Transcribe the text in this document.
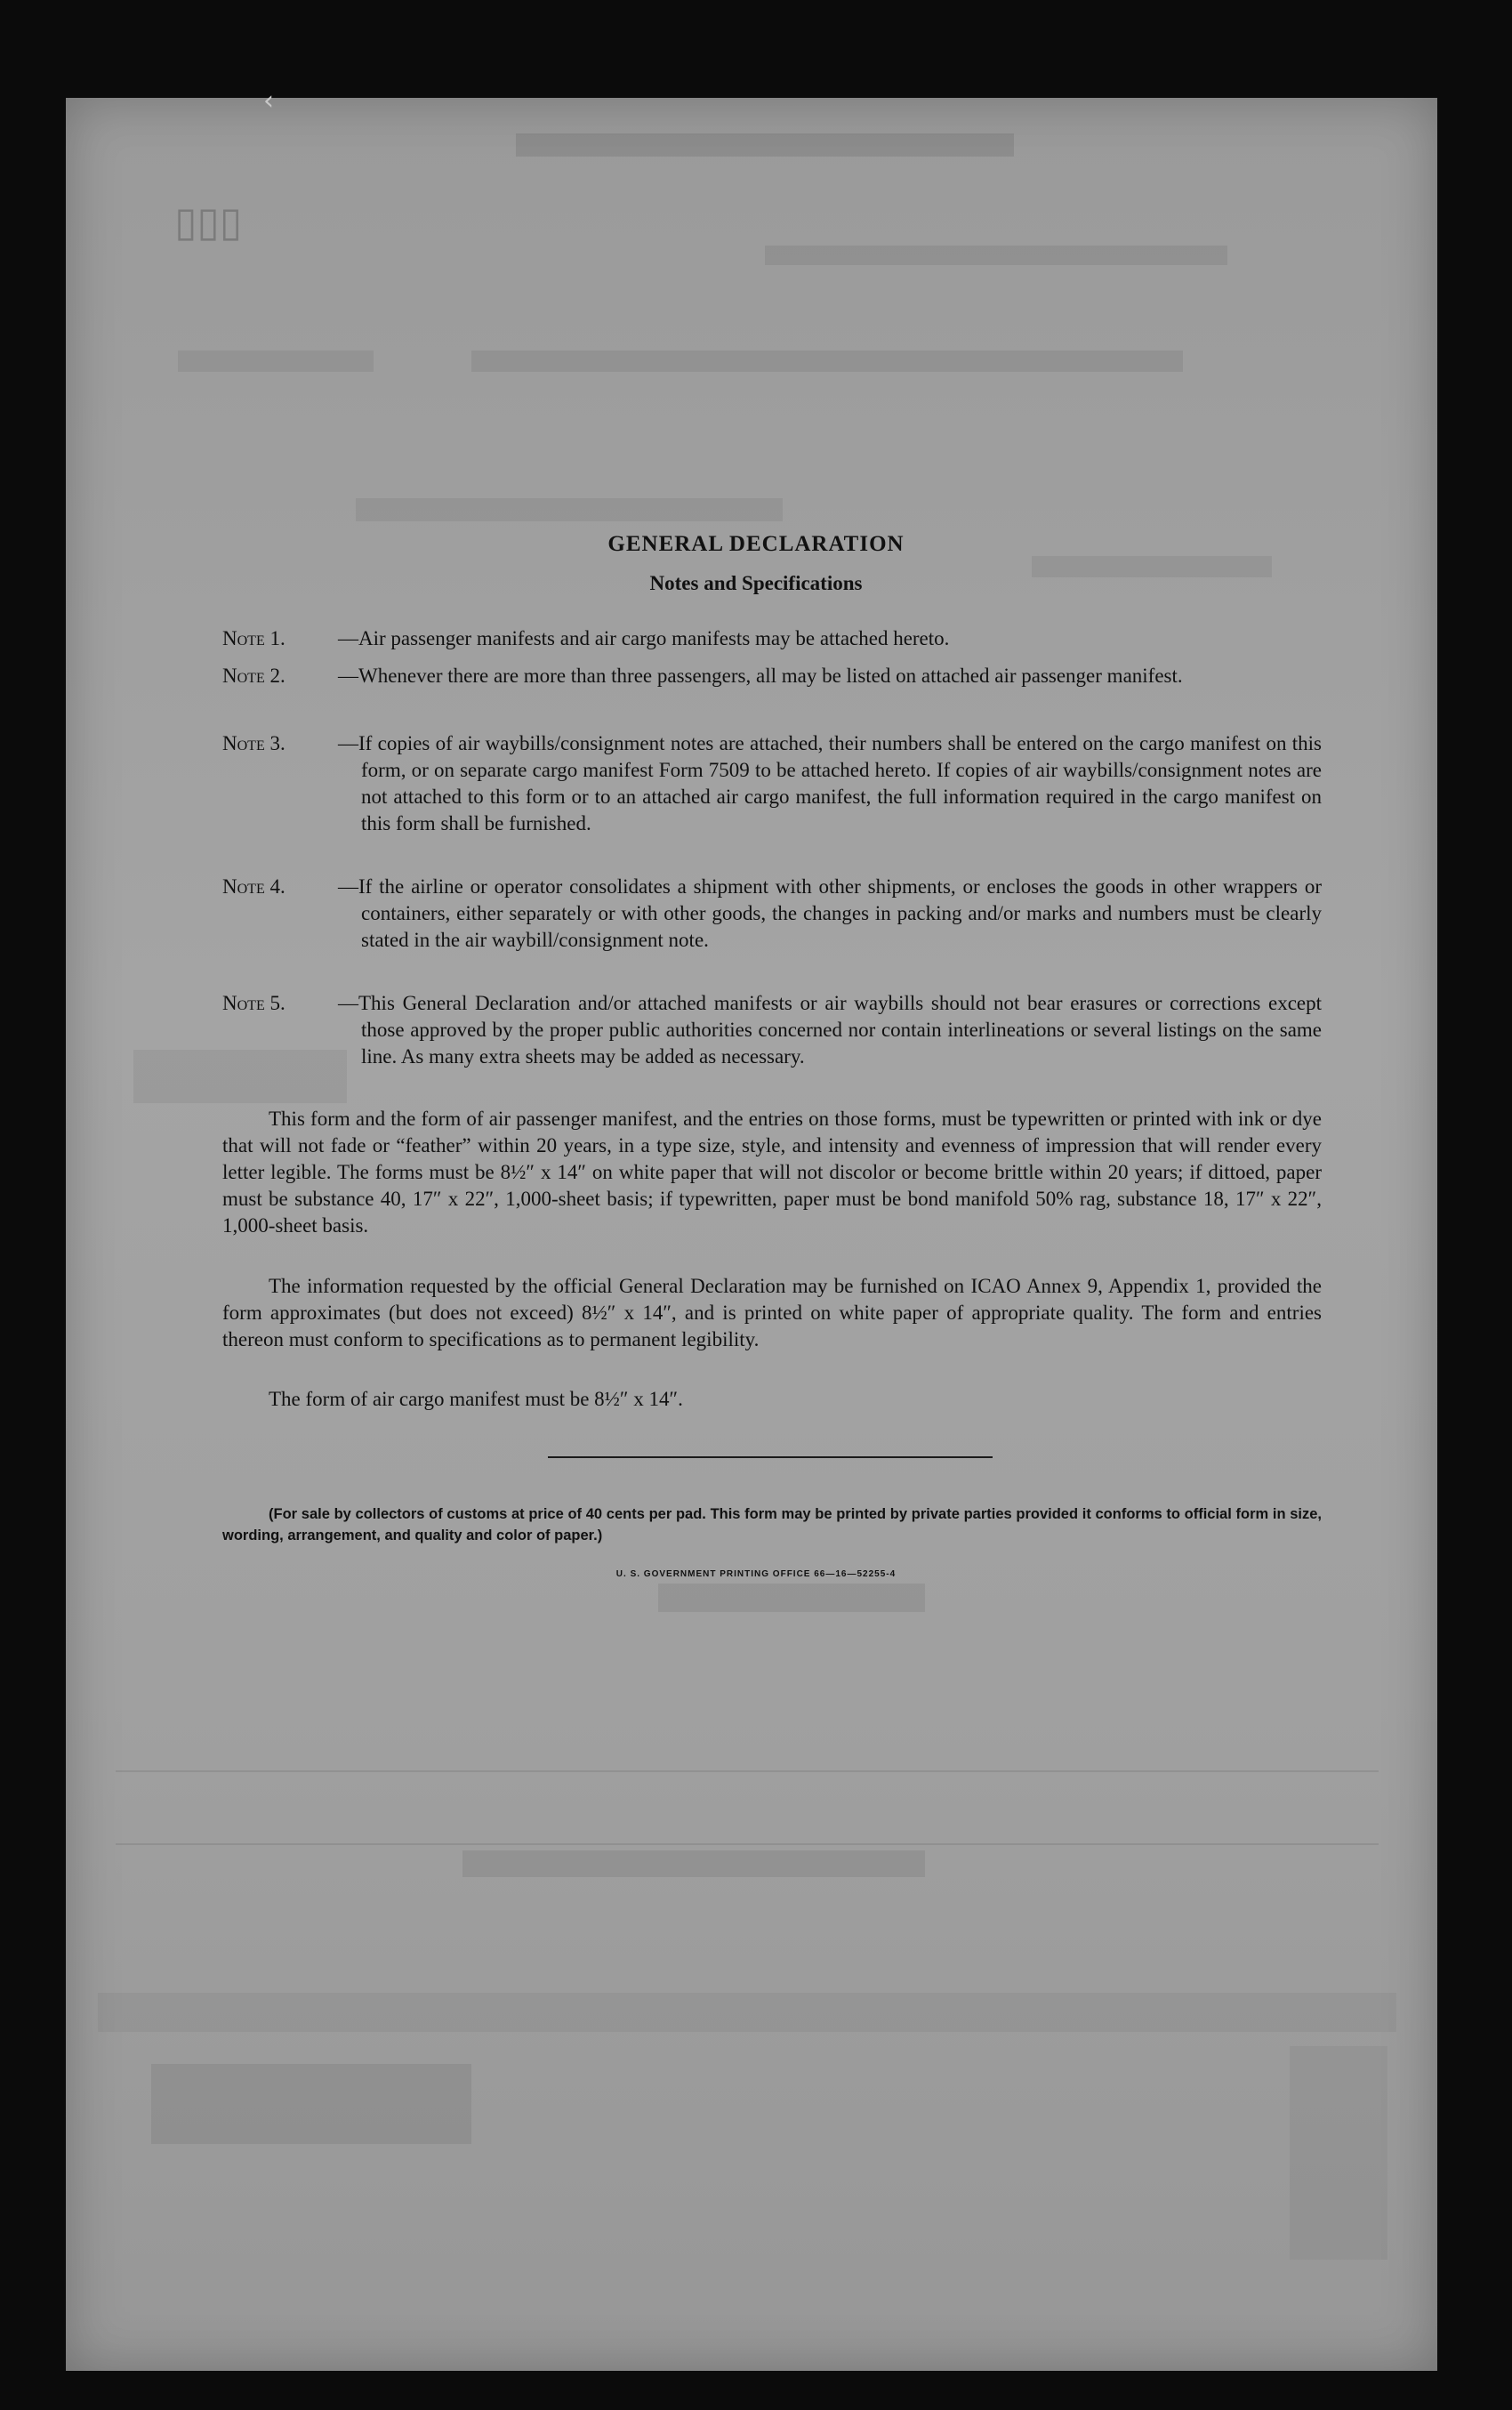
‹
▯▯▯
GENERAL DECLARATION
Notes and Specifications
Note 1.	—Air passenger manifests and air cargo manifests may be attached hereto.
Note 2.	—Whenever there are more than three passengers, all may be listed on attached air passenger manifest.
Note 3.	—If copies of air waybills/consignment notes are attached, their numbers shall be entered on the cargo manifest on this form, or on separate cargo manifest Form 7509 to be attached hereto. If copies of air waybills/consignment notes are not attached to this form or to an attached air cargo manifest, the full information required in the cargo manifest on this form shall be furnished.
Note 4.	—If the airline or operator consolidates a shipment with other shipments, or encloses the goods in other wrappers or containers, either separately or with other goods, the changes in packing and/or marks and numbers must be clearly stated in the air waybill/consignment note.
Note 5.	—This General Declaration and/or attached manifests or air waybills should not bear erasures or corrections except those approved by the proper public authorities concerned nor contain interlineations or several listings on the same line. As many extra sheets may be added as necessary.
This form and the form of air passenger manifest, and the entries on those forms, must be typewritten or printed with ink or dye that will not fade or “feather” within 20 years, in a type size, style, and intensity and evenness of impression that will render every letter legible. The forms must be 8½″ x 14″ on white paper that will not discolor or become brittle within 20 years; if dittoed, paper must be substance 40, 17″ x 22″, 1,000-sheet basis; if typewritten, paper must be bond manifold 50% rag, substance 18, 17″ x 22″, 1,000-sheet basis.
The information requested by the official General Declaration may be furnished on ICAO Annex 9, Appendix 1, provided the form approximates (but does not exceed) 8½″ x 14″, and is printed on white paper of appropriate quality. The form and entries thereon must conform to specifications as to permanent legibility.
The form of air cargo manifest must be 8½″ x 14″.
(For sale by collectors of customs at price of 40 cents per pad. This form may be printed by private parties provided it conforms to official form in size, wording, arrangement, and quality and color of paper.)
U. S. GOVERNMENT PRINTING OFFICE 66—16—52255-4
